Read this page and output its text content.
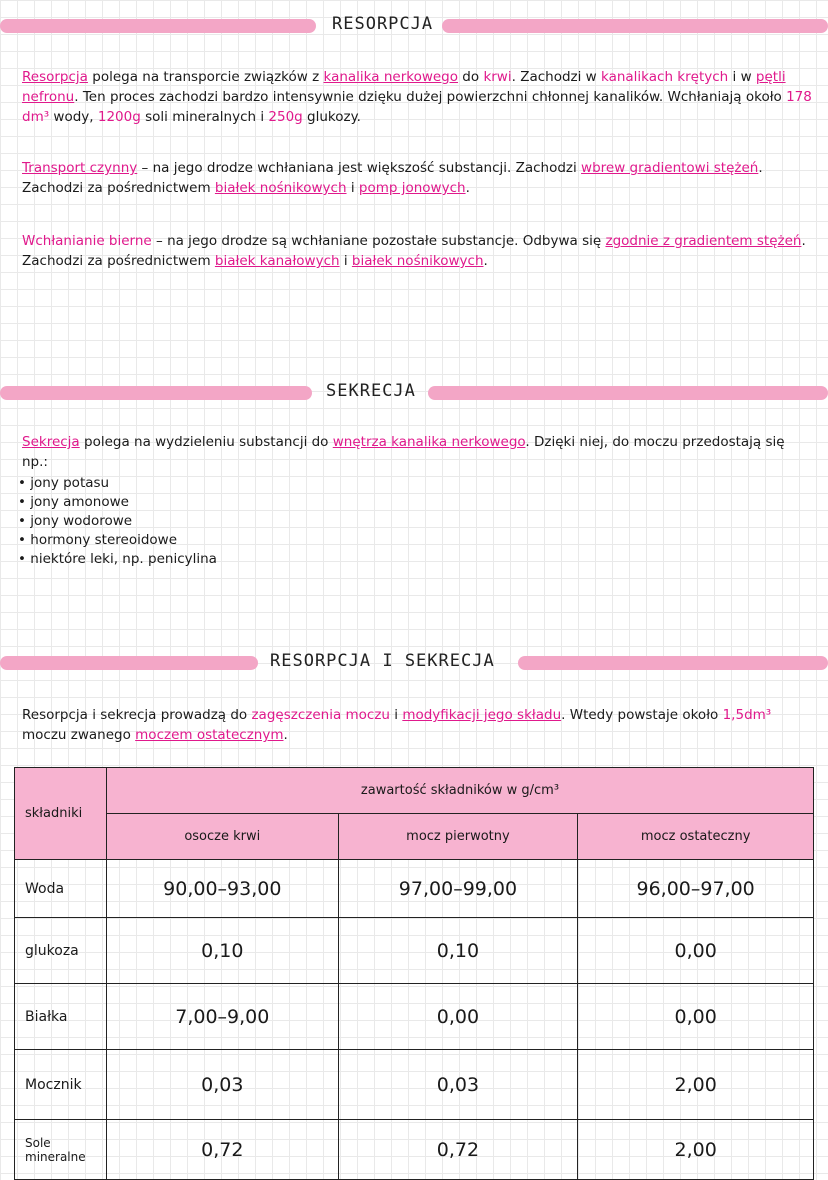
RESORPCJA
Resorpcja polega na transporcie związków z kanalika nerkowego do krwi. Zachodzi w kanalikach krętych i w pętli nefronu. Ten proces zachodzi bardzo intensywnie dzięku dużej powierzchni chłonnej kanalików. Wchłaniają około 178 dm³ wody, 1200g soli mineralnych i 250g glukozy.
Transport czynny – na jego drodze wchłaniana jest większość substancji. Zachodzi wbrew gradientowi stężeń. Zachodzi za pośrednictwem białek nośnikowych i pomp jonowych.
Wchłanianie bierne – na jego drodze są wchłaniane pozostałe substancje. Odbywa się zgodnie z gradientem stężeń. Zachodzi za pośrednictwem białek kanałowych i białek nośnikowych.
SEKRECJA
Sekrecja polega na wydzieleniu substancji do wnętrza kanalika nerkowego. Dzięki niej, do moczu przedostają się np.:
• jony potasu
• jony amonowe
• jony wodorowe
• hormony stereoidowe
• niektóre leki, np. penicylina
RESORPCJA I SEKRECJA
Resorpcja i sekrecja prowadzą do zagęszczenia moczu i modyfikacji jego składu. Wtedy powstaje około 1,5dm³ moczu zwanego moczem ostatecznym.
składniki	zawartość składników w g/cm³		
	osocze krwi	mocz pierwotny	mocz ostateczny
Woda	90,00–93,00	97,00–99,00	96,00–97,00
glukoza	0,10	0,10	0,00
Białka	7,00–9,00	0,00	0,00
Mocznik	0,03	0,03	2,00
Sole mineralne	0,72	0,72	2,00
